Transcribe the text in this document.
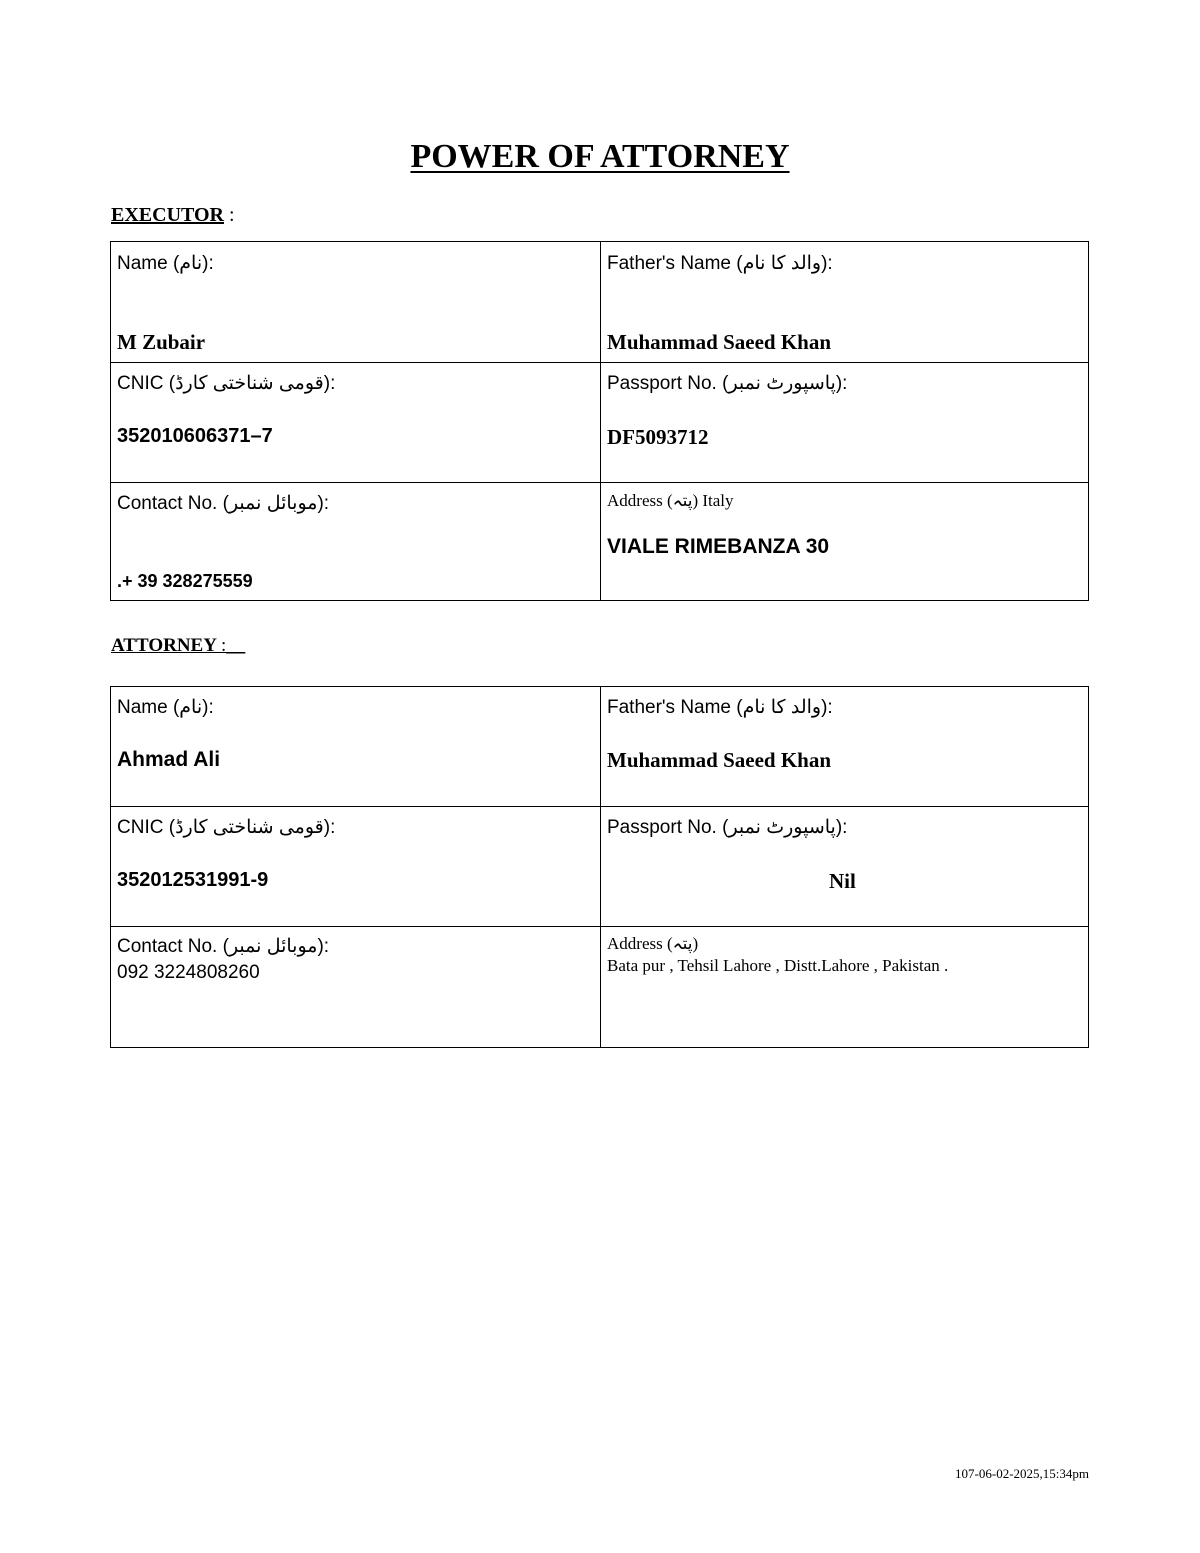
POWER OF ATTORNEY
EXECUTOR :
Name (نام):
M Zubair
Father's Name (والد کا نام):
Muhammad Saeed Khan
CNIC (قومی شناختی کارڈ):
352010606371–7
Passport No. (پاسپورٹ نمبر):
DF5093712
Contact No. (موبائل نمبر):
.+ 39 328275559
Address (پتہ) Italy
VIALE RIMEBANZA 30
ATTORNEY :__
Name (نام):
Ahmad Ali
Father's Name (والد کا نام):
Muhammad Saeed Khan
CNIC (قومی شناختی کارڈ):
352012531991-9
Passport No. (پاسپورٹ نمبر):
Nil
Contact No. (موبائل نمبر):
092 3224808260
Address (پتہ)
Bata pur , Tehsil Lahore , Distt.Lahore , Pakistan .
107-06-02-2025,15:34pm
